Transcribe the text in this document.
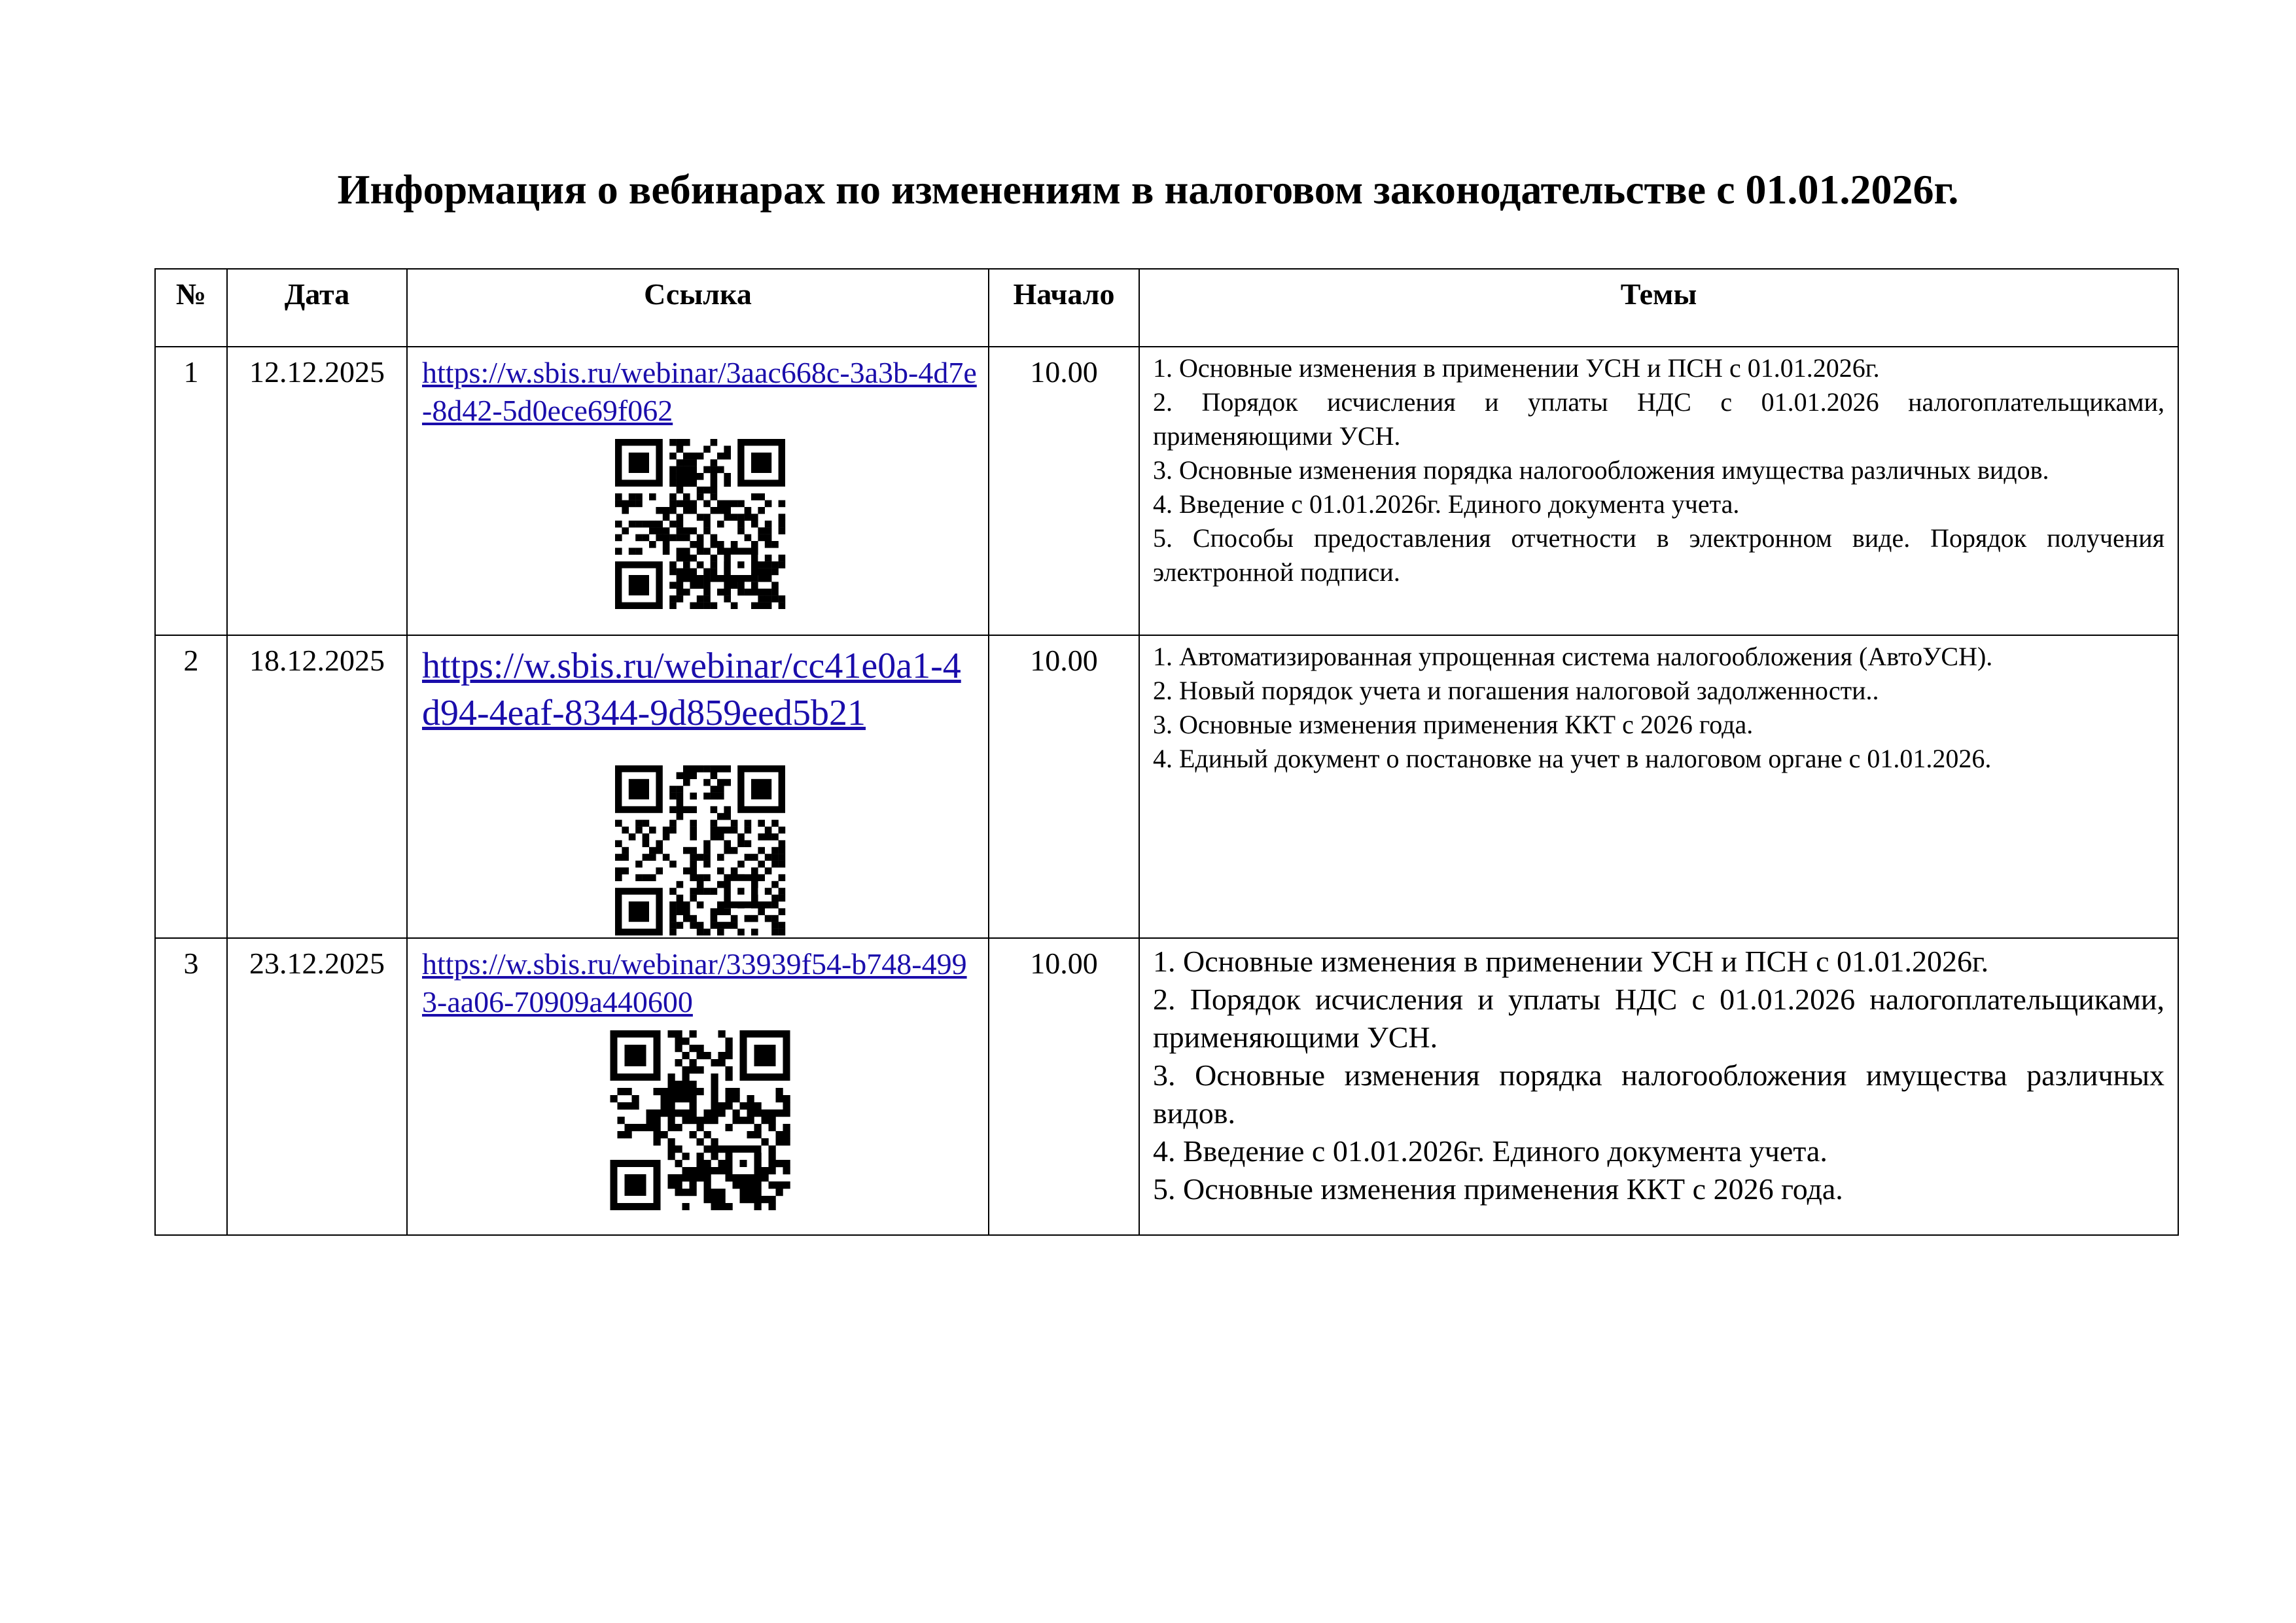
Информация о вебинарах по изменениям в налоговом законодательстве с 01.01.2026г.
№	Дата	Ссылка	Начало	Темы
1	12.12.2025	https://w.sbis.ru/webinar/3aac668c-3a3b-4d7e-8d42-5d0ece69f062	10.00	1. Основные изменения в применении УСН и ПСН с 01.01.2026г.

2. Порядок исчисления и уплаты НДС с 01.01.2026 налогоплательщиками, применяющими УСН.

3. Основные изменения порядка налогообложения имущества различных видов.

4. Введение с 01.01.2026г. Единого документа учета.

5. Способы предоставления отчетности в электронном виде. Порядок получения электронной подписи.

2	18.12.2025	https://w.sbis.ru/webinar/cc41e0a1-4d94-4eaf-8344-9d859eed5b21	10.00	1. Автоматизированная упрощенная система налогообложения (АвтоУСН).

2. Новый порядок учета и погашения налоговой задолженности..

3. Основные изменения применения ККТ с 2026 года.

4. Единый документ о постановке на учет в налоговом органе с 01.01.2026.

3	23.12.2025	https://w.sbis.ru/webinar/33939f54-b748-4993-aa06-70909a440600	10.00	1. Основные изменения в применении УСН и ПСН с 01.01.2026г.

2. Порядок исчисления и уплаты НДС с 01.01.2026 налогоплательщиками, применяющими УСН.

3. Основные изменения порядка налогообложения имущества различных видов.

4. Введение с 01.01.2026г. Единого документа учета.

5. Основные изменения применения ККТ с 2026 года.
